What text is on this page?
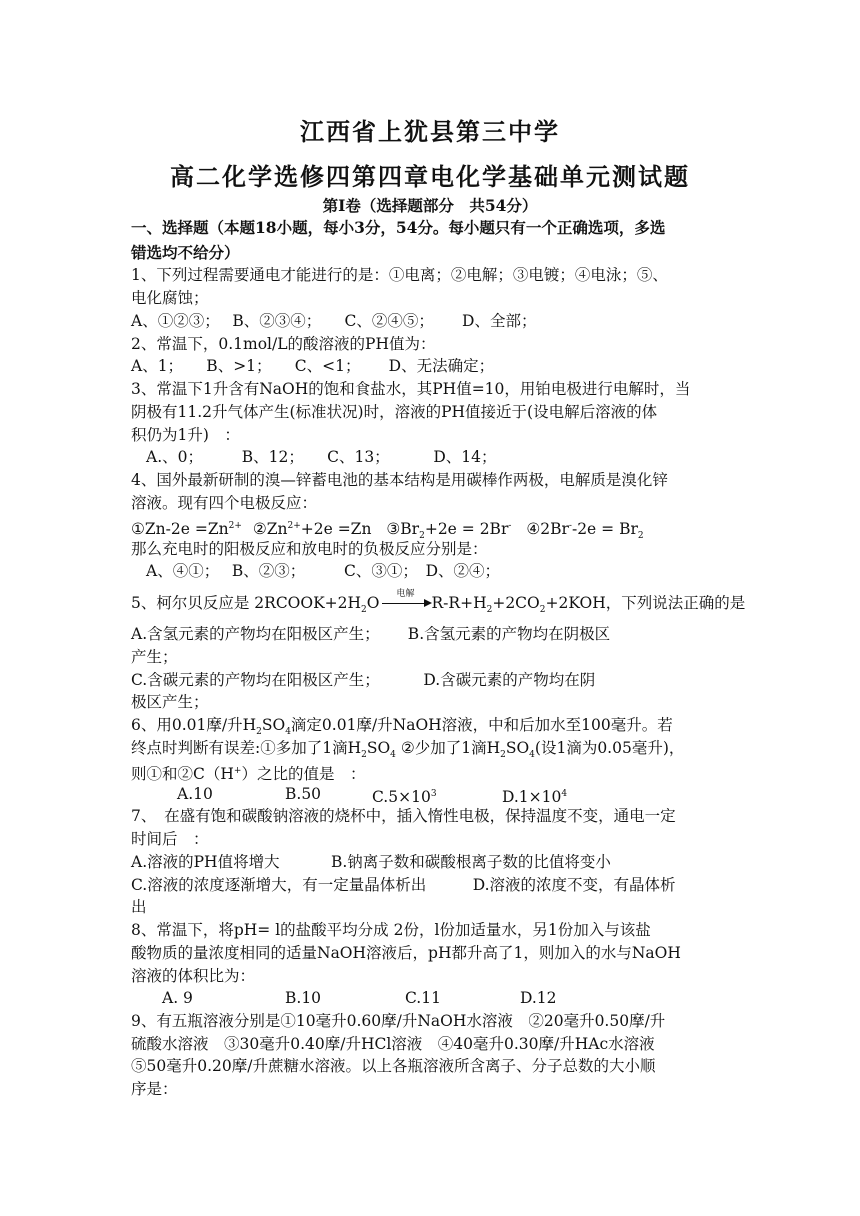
江西省上犹县第三中学
高二化学选修四第四章电化学基础单元测试题
第Ⅰ卷（选择题部分　共54分）
一、选择题（本题18小题，每小3分，54分。每小题只有一个正确选项，多选
错选均不给分）
1、下列过程需要通电才能进行的是：①电离；②电解；③电镀；④电泳；⑤、
电化腐蚀；
A、①②③；　 B、②③④；　　C、②④⑤；　　 D、全部；
2、常温下，0.1mol/L的酸溶液的PH值为：
A、1；　　B、>1；　　C、<1；　　 D、无法确定；
3、常温下1升含有NaOH的饱和食盐水，其PH值=10，用铂电极进行电解时，当
阴极有11.2升气体产生(标准状况)时，溶液的PH值接近于(设电解后溶液的体
积仍为1升)　：
A.、0；　　　B、12；　　C、13；　　　 D、14；
4、国外最新研制的溴—锌蓄电池的基本结构是用碳棒作两极，电解质是溴化锌
溶液。现有四个电极反应：
①Zn-2e $=Zn^{2+}$ $②Zn^{2+}+2e =Zn$ $③Br_2+2e = 2Br^-$ ④2Br--2e = $Br_2$
那么充电时的阳极反应和放电时的负极反应分别是：
A、④①；　 B、②③；　　　C、③①；　D、②④；
5、柯尔贝反应是 $2RCOOK+2H_2O$	电解	$R-R+H_2+2CO_2+2KOH$，下列说法正确的是
A.含氢元素的产物均在阳极区产生；　　 B.含氢元素的产物均在阴极区
产生；
C.含碳元素的产物均在阳极区产生；　　　 D.含碳元素的产物均在阴
极区产生；
6、用0.01摩/升$H_2SO_4$滴定0.01摩/升NaOH溶液，中和后加水至100毫升。若
终点时判断有误差:①多加了1滴$H_2SO_4$ ②少加了1滴$H_2SO_4$(设1滴为0.05毫升)，
则①和②C（H+）之比的值是　：
A.10	B.50	$C.5\times 10^3$	$D.1\times 10^4$
7、　在盛有饱和碳酸钠溶液的烧杯中，插入惰性电极，保持温度不变，通电一定
时间后　：
A.溶液的PH值将增大　　　 B.钠离子数和碳酸根离子数的比值将变小
C.溶液的浓度逐渐增大，有一定量晶体析出　　　D.溶液的浓度不变，有晶体析
出
8、常温下，将pH= l的盐酸平均分成 2份，l份加适量水，另1份加入与该盐
酸物质的量浓度相同的适量NaOH溶液后，pH都升高了1，则加入的水与NaOH
溶液的体积比为：
A. 9	B.10	C.11	D.12
9、有五瓶溶液分别是①10毫升0.60摩/升NaOH水溶液　②20毫升0.50摩/升
硫酸水溶液　③30毫升0.40摩/升HCl溶液　④40毫升0.30摩/升HAc水溶液
⑤50毫升0.20摩/升蔗糖水溶液。以上各瓶溶液所含离子、分子总数的大小顺
序是：
